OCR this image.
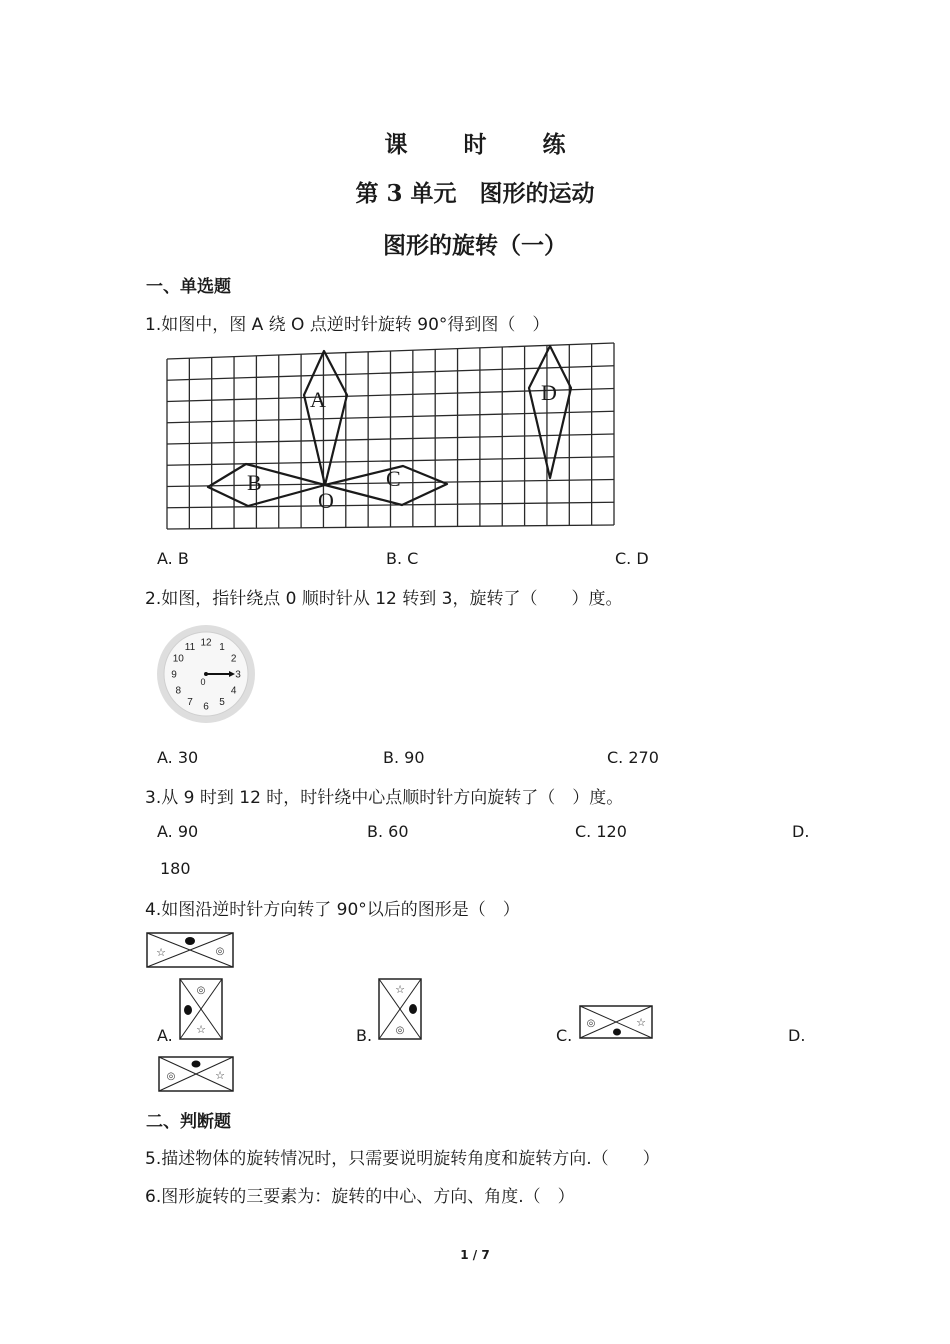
课 时 练
第 3 单元　图形的运动
图形的旋转（一）
一、单选题
1.如图中，图 A 绕 O 点逆时针旋转 90°得到图（　）
A
B	C
D
O
A. B	B. C	C. D
2.如图，指针绕点 0 顺时针从 12 转到 3，旋转了（　　）度。
12 1
2
3
4
5
6
7
8
9
10
11
0
A. 30	B. 90	C. 270
3.从 9 时到 12 时，时针绕中心点顺时针方向旋转了（　）度。
A. 90	B. 60	C. 120	D.
180
4.如图沿逆时针方向转了 90°以后的图形是（　）
☆	◎
A.
◎
☆	B.
☆
◎	C.
◎	☆
D.
◎	☆
二、判断题
5.描述物体的旋转情况时，只需要说明旋转角度和旋转方向.（　　）
6.图形旋转的三要素为：旋转的中心、方向、角度.（　）
1 / 7
